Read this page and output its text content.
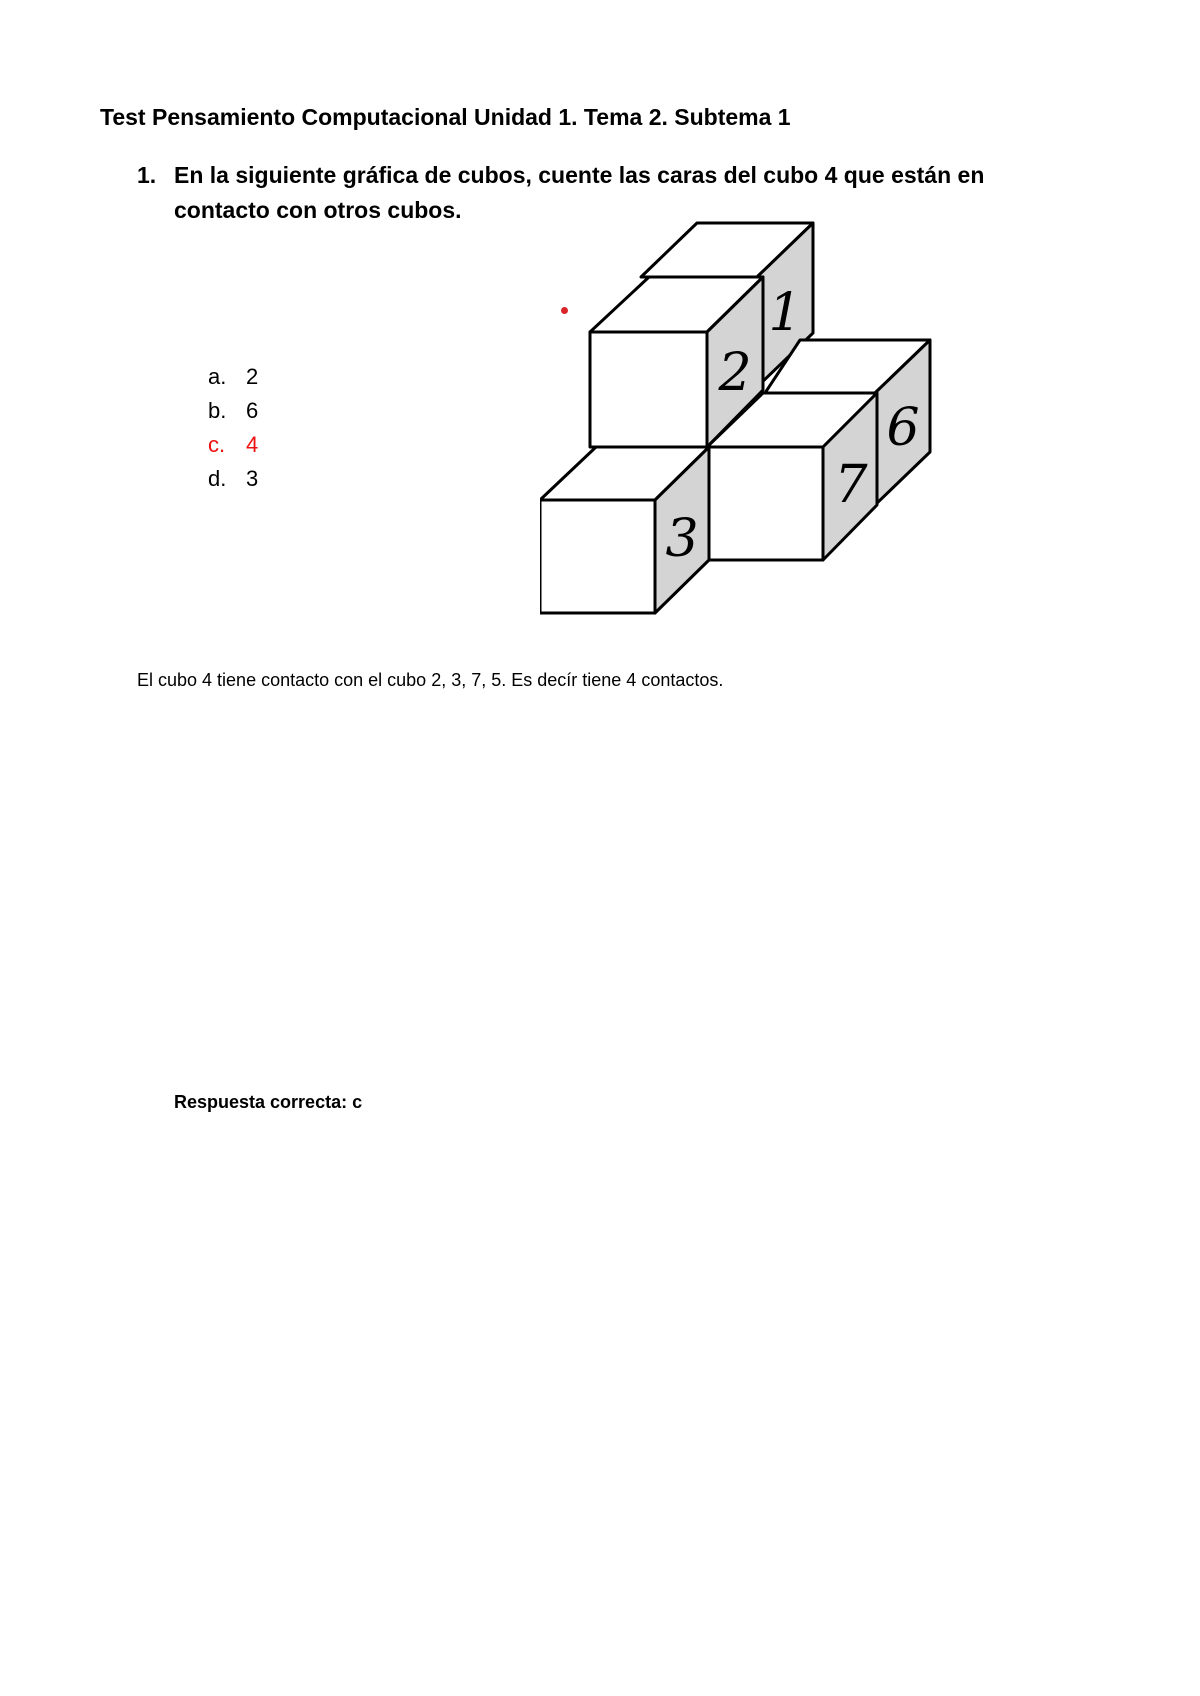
Test Pensamiento Computacional Unidad 1. Tema 2. Subtema 1
1. En la siguiente gráfica de cubos, cuente las caras del cubo 4 que están en contacto con otros cubos.
a. 2
b. 6
c. 4
d. 3
1
2
6
7
3
El cubo 4 tiene contacto con el cubo 2, 3, 7, 5. Es decír tiene 4 contactos.
Respuesta correcta: c
